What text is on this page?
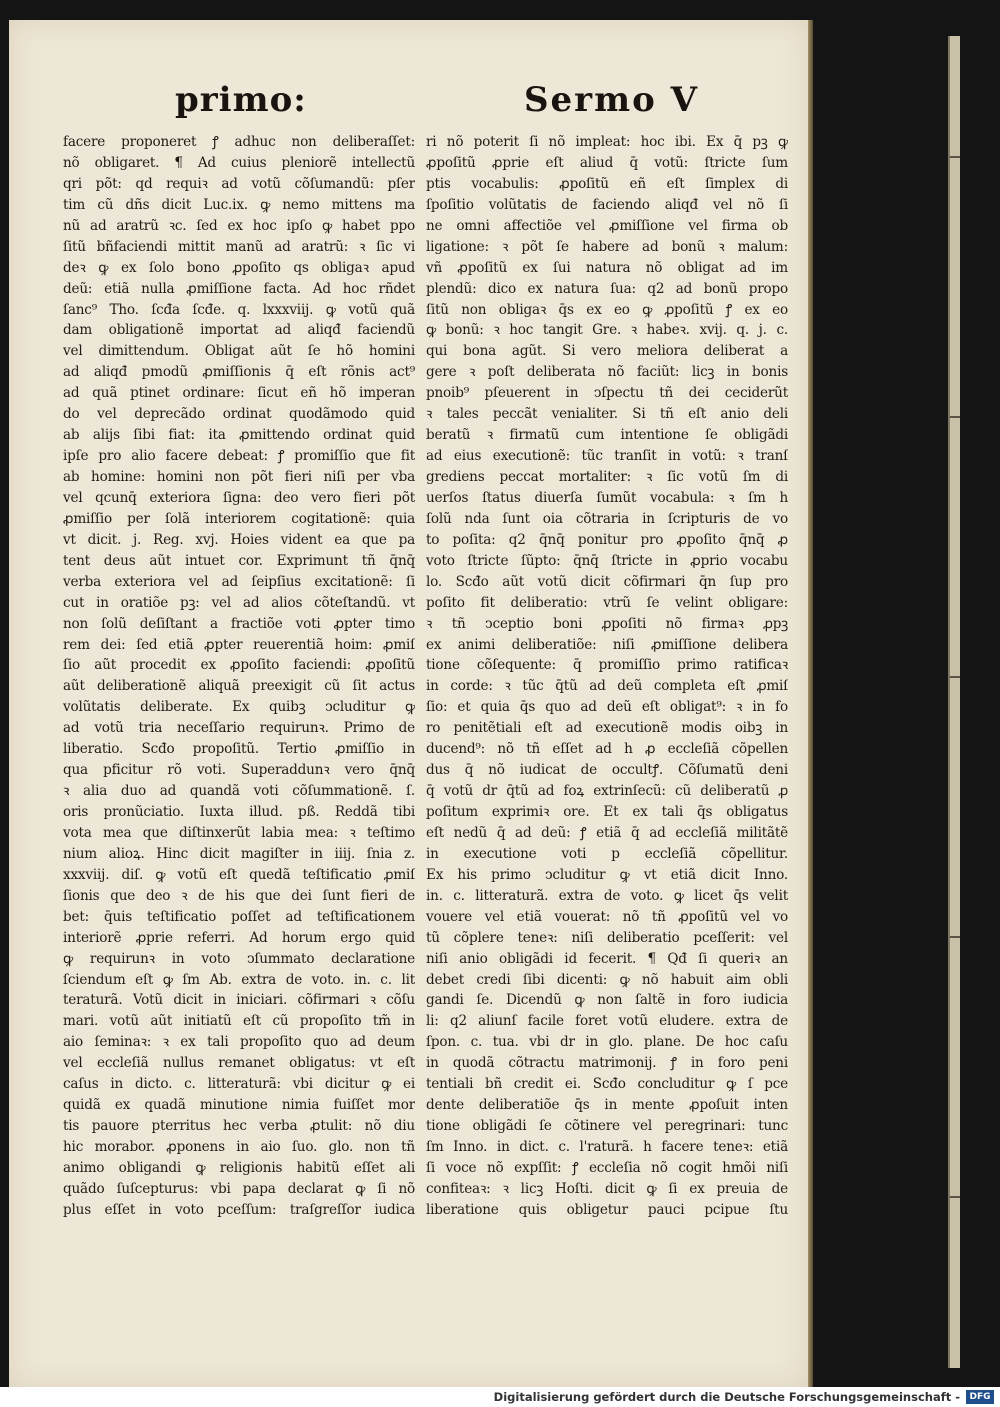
primo:	Sermo V
facere proponeret ꝭ adhuc non deliberaſſet:
nõ obligaret. ¶ Ad cuius pleniorẽ intellectũ
qri põt: qd requiꝛ ad votũ cõſumandũ: pſer
tim cũ dñs dicit Luc.ix. ꝙ nemo mittens ma
nũ ad aratrũ ꝛc. ſed ex hoc ipſo ꝙ habet ppo
ſitũ bñfaciendi mittit manũ ad aratrũ: ꝛ ſic vi
deꝛ ꝙ ex ſolo bono ꝓpoſito qs obligaꝛ apud
deũ: etiã nulla ꝓmiſſione facta. Ad hoc rñdet
ſanc⁹ Tho. ſcđa ſcđe. q. lxxxviij. ꝙ votũ quã
dam obligationẽ importat ad aliqđ faciendũ
vel dimittendum. Obligat aũt ſe hõ homini
ad aliqđ pmodũ ꝓmiſſionis q̄ eſt rõnis act⁹
ad quã ptinet ordinare: ſicut eñ hõ imperan
do vel deprecãdo ordinat quodãmodo quid
ab alijs ſibi fiat: ita ꝓmittendo ordinat quid
ipſe pro alio facere debeat: ꝭ promiſſio que fit
ab homine: homini non põt fieri niſi per vba
vel qcunq̄ exteriora ſigna: deo vero fieri põt
ꝓmiſſio per ſolã interiorem cogitationẽ: quia
vt dicit. j. Reg. xvj. Hoies vident ea que pa
tent deus aũt intuet cor. Exprimunt tñ q̄nq̄
verba exteriora vel ad ſeipſius excitationẽ: ſi
cut in oratiõe pꝫ: vel ad alios cõteſtandũ. vt
non ſolũ deſiſtant a fractiõe voti ꝓpter timo
rem dei: ſed etiã ꝓpter reuerentiã hoim: ꝓmiſ
ſio aũt procedit ex ꝓpoſito faciendi: ꝓpoſitũ
aũt deliberationẽ aliquã preexigit cũ ſit actus
volũtatis deliberate. Ex quibꝫ ↄcluditur ꝙ
ad votũ tria neceſſario requirunꝛ. Primo de
liberatio. Scđo propoſitũ. Tertio ꝓmiſſio in
qua pficitur rõ voti. Superaddunꝛ vero q̄nq̄
ꝛ alia duo ad quandã voti cõſummationẽ. ſ.
oris pronũciatio. Iuxta illud. pß. Reddã tibi
vota mea que diſtinxerũt labia mea: ꝛ teſtimo
nium alioꝝ. Hinc dicit magiſter in iiij. ſnia z.
xxxviij. diſ. ꝙ votũ eſt quedã teſtificatio ꝓmiſ
ſionis que deo ꝛ de his que dei ſunt fieri de
bet: q̄uis teſtificatio poſſet ad teſtificationem
interiorẽ ꝓprie referri. Ad horum ergo quid
ꝙ requirunꝛ in voto ↄſummato declaratione
ſciendum eſt ꝙ ſm Ab. extra de voto. in. c. lit
teraturã. Votũ dicit in iniciari. cõfirmari ꝛ cõſu
mari. votũ aũt initiatũ eſt cũ propoſito tm̃ in
aio ſeminaꝛ: ꝛ ex tali propoſito quo ad deum
vel eccleſiã nullus remanet obligatus: vt eſt
caſus in dicto. c. litteraturã: vbi dicitur ꝙ ei
quidã ex quadã minutione nimia fuiſſet mor
tis pauore pterritus hec verba ꝓtulit: nõ diu
hic morabor. ꝓponens in aio ſuo. glo. non tñ
animo obligandi ꝙ religionis habitũ eſſet ali
quãdo ſuſcepturus: vbi papa declarat ꝙ ſi nõ
plus eſſet in voto pceſſum: traſgreſſor iudica
ri nõ poterit ſi nõ impleat: hoc ibi. Ex q̄ pꝫ ꝙ
ꝓpoſitũ ꝓprie eſt aliud q̄ votũ: ſtricte ſum
ptis vocabulis: ꝓpoſitũ eñ eſt ſimplex di
ſpoſitio volũtatis de faciendo aliqđ vel nõ ſi
ne omni affectiõe vel ꝓmiſſione vel firma ob
ligatione: ꝛ põt ſe habere ad bonũ ꝛ malum:
vñ ꝓpoſitũ ex ſui natura nõ obligat ad im
plendũ: dico ex natura ſua: q2 ad bonũ propo
ſitũ non obligaꝛ q̄s ex eo ꝙ ꝓpoſitũ ꝭ ex eo
ꝙ bonũ: ꝛ hoc tangit Gre. ꝛ habeꝛ. xvij. q. j. c.
qui bona agũt. Si vero meliora deliberat a
gere ꝛ poſt deliberata nõ faciũt: licꝫ in bonis
pnoib⁹ pſeuerent in ↄſpectu tñ dei ceciderũt
ꝛ tales peccãt venialiter. Si tñ eſt anio deli
beratũ ꝛ firmatũ cum intentione ſe obligãdi
ad eius executionẽ: tũc tranſit in votũ: ꝛ tranſ
grediens peccat mortaliter: ꝛ ſic votũ ſm di
uerſos ſtatus diuerſa ſumũt vocabula: ꝛ ſm h
ſolũ nda ſunt oia cõtraria in ſcripturis de vo
to poſita: q2 q̄nq̄ ponitur pro ꝓpoſito q̄nq̄ ꝓ
voto ſtricte ſũpto: q̄nq̄ ſtricte in ꝓprio vocabu
lo. Scđo aũt votũ dicit cõfirmari q̄n ſup pro
poſito fit deliberatio: vtrũ ſe velint obligare:
ꝛ tñ ↄceptio boni ꝓpoſiti nõ firmaꝛ ꝓpꝫ
ex animi deliberatiõe: niſi ꝓmiſſione delibera
tione cõſequente: q̄ promiſſio primo ratificaꝛ
in corde: ꝛ tũc q̄tũ ad deũ completa eſt ꝓmiſ
ſio: et quia q̄s quo ad deũ eſt obligat⁹: ꝛ in fo
ro penitẽtiali eſt ad executionẽ modis oibꝫ in
ducend⁹: nõ tñ eſſet ad h ꝓ eccleſiã cõpellen
dus q̄ nõ iudicat de occultꝭ. Cõſumatũ deni
q̄ votũ dr q̄tũ ad foꝝ extrinſecũ: cũ deliberatũ ꝓ
poſitum exprimiꝛ ore. Et ex tali q̄s obligatus
eſt nedũ q̄ ad deũ: ꝭ etiã q̄ ad eccleſiã militãtẽ
in executione voti p eccleſiã cõpellitur.
Ex his primo ↄcluditur ꝙ vt etiã dicit Inno.
in. c. litteraturã. extra de voto. ꝙ licet q̄s velit
vouere vel etiã vouerat: nõ tñ ꝓpoſitũ vel vo
tũ cõplere teneꝛ: niſi deliberatio pceſſerit: vel
niſi anio obligãdi id fecerit. ¶ Qđ ſi queriꝛ an
debet credi ſibi dicenti: ꝙ nõ habuit aim obli
gandi ſe. Dicendũ ꝙ non ſaltẽ in foro iudicia
li: q2 aliunſ facile foret votũ eludere. extra de
ſpon. c. tua. vbi dr in glo. plane. De hoc caſu
in quodã cõtractu matrimonij. ꝭ in foro peni
tentiali bñ credit ei. Scđo concluditur ꝙ ſ pce
dente deliberatiõe q̄s in mente ꝓpoſuit inten
tione obligãdi ſe cõtinere vel peregrinari: tunc
ſm Inno. in dict. c. l'raturã. h facere teneꝛ: etiã
ſi voce nõ expſſit: ꝭ eccleſia nõ cogit hmõi niſi
confiteaꝛ: ꝛ licꝫ Hoſti. dicit ꝙ ſi ex preuia de
liberatione quis obligetur pauci pcipue ſtu
Digitalisierung gefördert durch die Deutsche Forschungsgemeinschaft -	DFG
